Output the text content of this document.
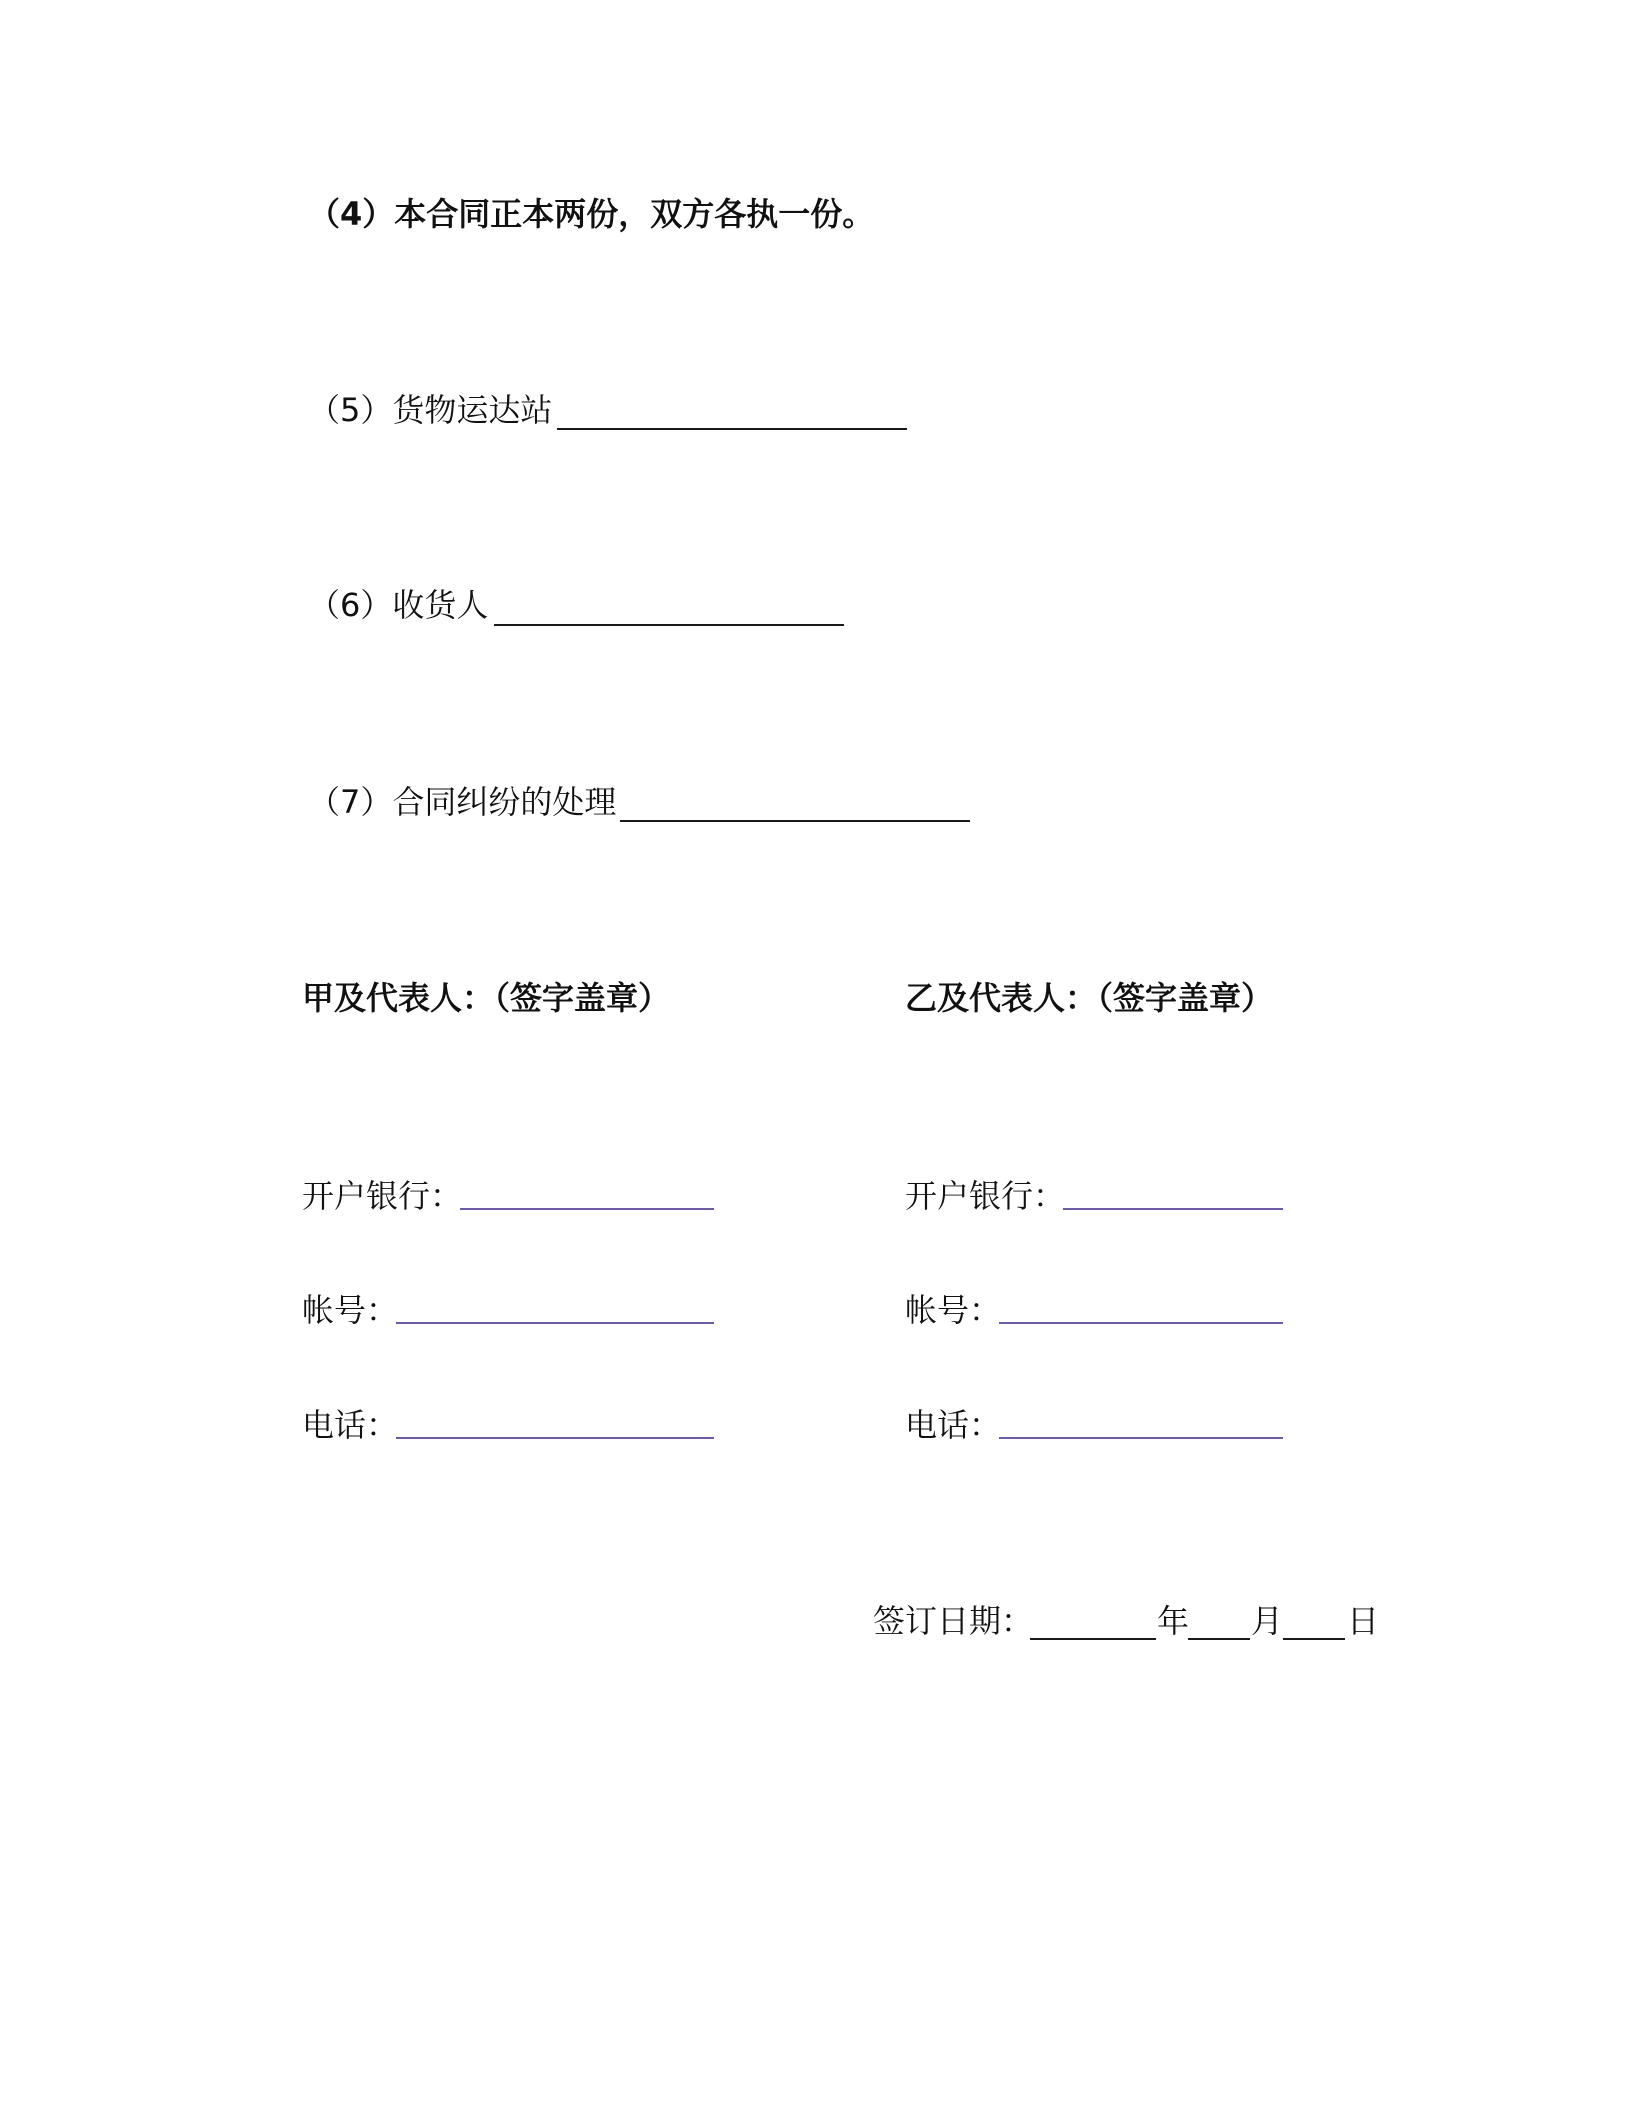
（4）本合同正本两份，双方各执一份。
（5）货物运达站
（6）收货人
（7）合同纠纷的处理
甲及代表人：（签字盖章）
开户银行：
帐号：
电话：
乙及代表人：（签字盖章）
开户银行：
帐号：
电话：
签订日期：	年 月 日
